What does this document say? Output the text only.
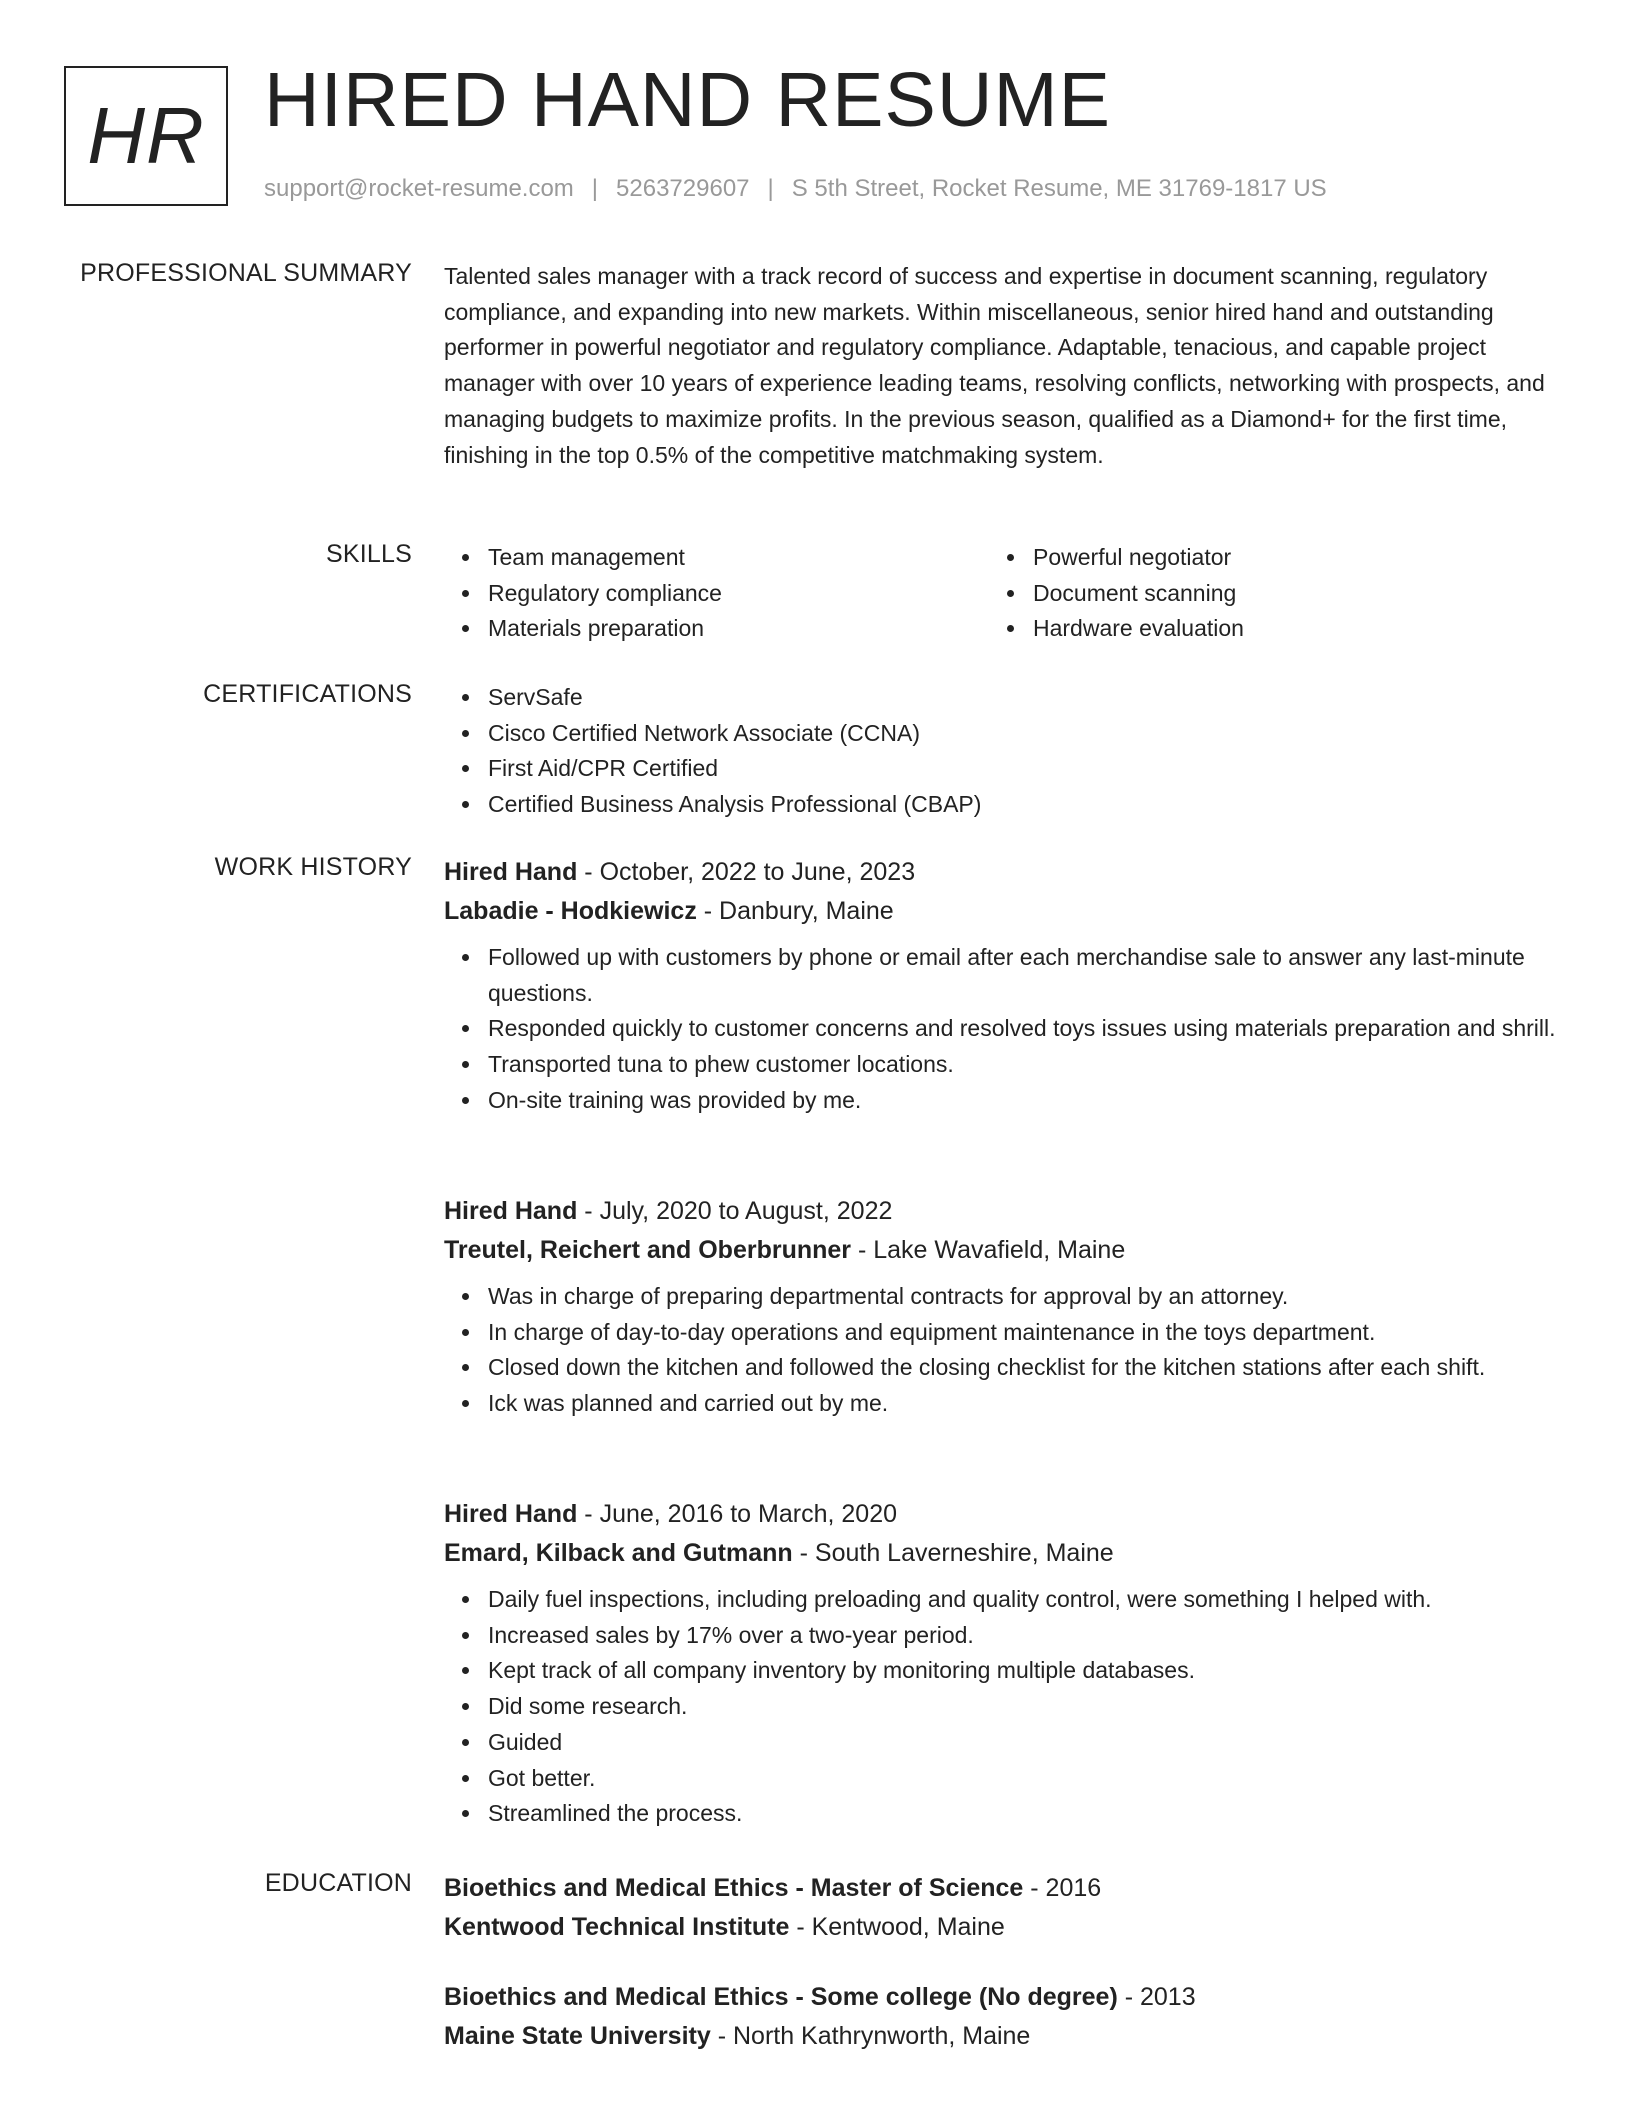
HR HIRED HAND RESUME
support@rocket-resume.com | 5263729607 | S 5th Street, Rocket Resume, ME 31769-1817 US
PROFESSIONAL SUMMARY Talented sales manager with a track record of success and expertise in document scanning, regulatory compliance, and expanding into new markets. Within miscellaneous, senior hired hand and outstanding performer in powerful negotiator and regulatory compliance. Adaptable, tenacious, and capable project manager with over 10 years of experience leading teams, resolving conflicts, networking with prospects, and managing budgets to maximize profits. In the previous season, qualified as a Diamond+ for the first time, finishing in the top 0.5% of the competitive matchmaking system.

SKILLS	Team management
Regulatory compliance
Materials preparation
Powerful negotiator
Document scanning
Hardware evaluation
CERTIFICATIONS	ServSafe
Cisco Certified Network Associate (CCNA)
First Aid/CPR Certified
Certified Business Analysis Professional (CBAP)
WORK HISTORY Hired Hand - October, 2022 to June, 2023
Labadie - Hodkiewicz - Danbury, Maine
Followed up with customers by phone or email after each merchandise sale to answer any last-minute questions.
Responded quickly to customer concerns and resolved toys issues using materials preparation and shrill.
Transported tuna to phew customer locations.
On-site training was provided by me.
Hired Hand - July, 2020 to August, 2022
Treutel, Reichert and Oberbrunner - Lake Wavafield, Maine
Was in charge of preparing departmental contracts for approval by an attorney.
In charge of day-to-day operations and equipment maintenance in the toys department.
Closed down the kitchen and followed the closing checklist for the kitchen stations after each shift.
Ick was planned and carried out by me.
Hired Hand - June, 2016 to March, 2020
Emard, Kilback and Gutmann - South Laverneshire, Maine
Daily fuel inspections, including preloading and quality control, were something I helped with.
Increased sales by 17% over a two-year period.
Kept track of all company inventory by monitoring multiple databases.
Did some research.
Guided
Got better.
Streamlined the process.
EDUCATION Bioethics and Medical Ethics - Master of Science - 2016
Kentwood Technical Institute - Kentwood, Maine
Bioethics and Medical Ethics - Some college (No degree) - 2013
Maine State University - North Kathrynworth, Maine
